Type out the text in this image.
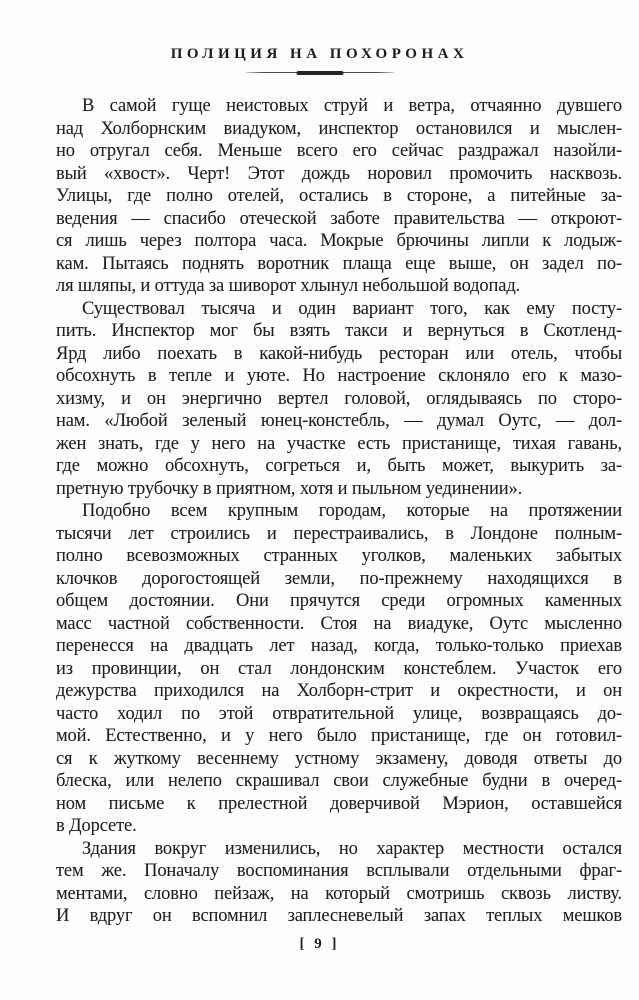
ПОЛИЦИЯ НА ПОХОРОНАХ
В самой гуще неистовых струй и ветра, отчаянно дувшего
над Холборнским виадуком, инспектор остановился и мыслен-
но отругал себя. Меньше всего его сейчас раздражал назойли-
вый «хвост». Черт! Этот дождь норовил промочить насквозь.
Улицы, где полно отелей, остались в стороне, а питейные за-
ведения — спасибо отеческой заботе правительства — откроют-
ся лишь через полтора часа. Мокрые брючины липли к лодыж-
кам. Пытаясь поднять воротник плаща еще выше, он задел по-
ля шляпы, и оттуда за шиворот хлынул небольшой водопад.
Существовал тысяча и один вариант того, как ему посту-
пить. Инспектор мог бы взять такси и вернуться в Скотленд-
Ярд либо поехать в какой-нибудь ресторан или отель, чтобы
обсохнуть в тепле и уюте. Но настроение склоняло его к мазо-
хизму, и он энергично вертел головой, оглядываясь по сторо-
нам. «Любой зеленый юнец-констебль, — думал Оутс, — дол-
жен знать, где у него на участке есть пристанище, тихая гавань,
где можно обсохнуть, согреться и, быть может, выкурить за-
претную трубочку в приятном, хотя и пыльном уединении».
Подобно всем крупным городам, которые на протяжении
тысячи лет строились и перестраивались, в Лондоне полным-
полно всевозможных странных уголков, маленьких забытых
клочков дорогостоящей земли, по-прежнему находящихся в
общем достоянии. Они прячутся среди огромных каменных
масс частной собственности. Стоя на виадуке, Оутс мысленно
перенесся на двадцать лет назад, когда, только-только приехав
из провинции, он стал лондонским констеблем. Участок его
дежурства приходился на Холборн-стрит и окрестности, и он
часто ходил по этой отвратительной улице, возвращаясь до-
мой. Естественно, и у него было пристанище, где он готовил-
ся к жуткому весеннему устному экзамену, доводя ответы до
блеска, или нелепо скрашивал свои служебные будни в очеред-
ном письме к прелестной доверчивой Мэрион, оставшейся
в Дорсете.
Здания вокруг изменились, но характер местности остался
тем же. Поначалу воспоминания всплывали отдельными фраг-
ментами, словно пейзаж, на который смотришь сквозь листву.
И вдруг он вспомнил заплесневелый запах теплых мешков
[ 9 ]
